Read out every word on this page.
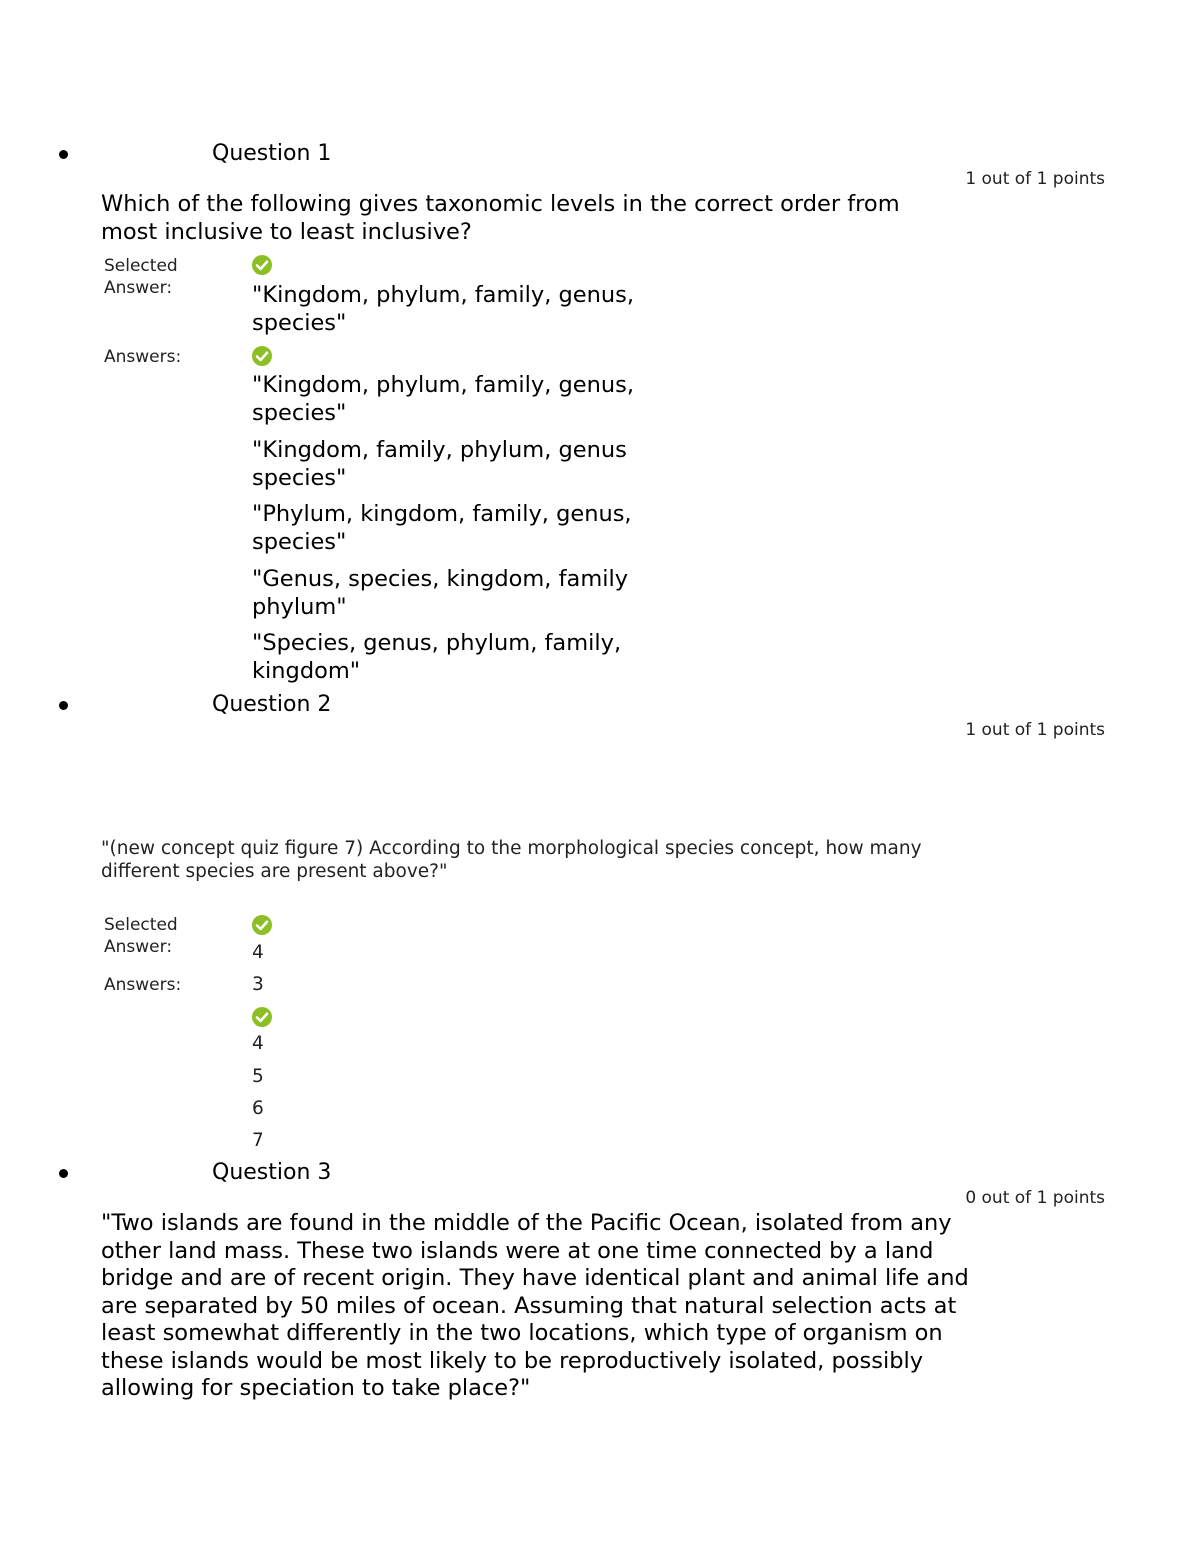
Question 1
1 out of 1 points
Which of the following gives taxonomic levels in the correct order from most inclusive to least inclusive?
Selected Answer:	"Kingdom, phylum, family, genus, species"
Answers:
"Kingdom, phylum, family, genus, species"
"Kingdom, family, phylum, genus species"
"Phylum, kingdom, family, genus, species"
"Genus, species, kingdom, family phylum"
"Species, genus, phylum, family, kingdom"
Question 2
1 out of 1 points
"(new concept quiz figure 7) According to the morphological species concept, how many different species are present above?"
Selected Answer:	4
Answers:	3
4
5
6
7
Question 3
0 out of 1 points
"Two islands are found in the middle of the Pacific Ocean, isolated from any other land mass. These two islands were at one time connected by a land bridge and are of recent origin. They have identical plant and animal life and are separated by 50 miles of ocean. Assuming that natural selection acts at least somewhat differently in the two locations, which type of organism on these islands would be most likely to be reproductively isolated, possibly allowing for speciation to take place?"
